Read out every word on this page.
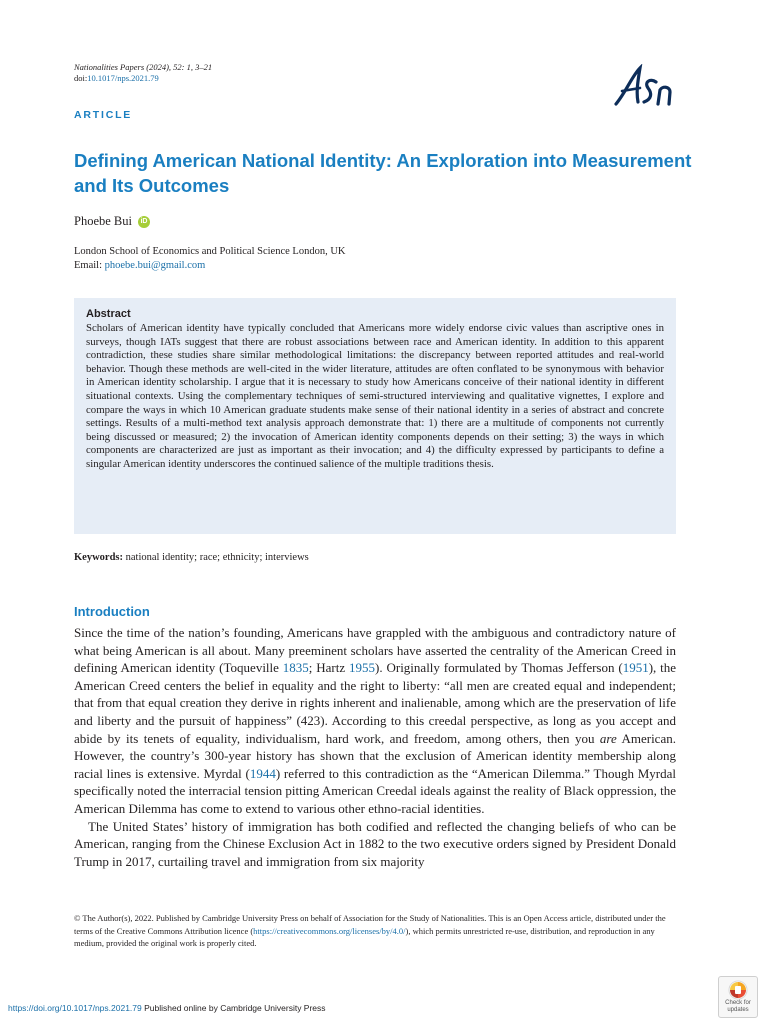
Nationalities Papers (2024), 52: 1, 3–21
doi:10.1017/nps.2021.79
ARTICLE
Defining American National Identity: An Exploration into Measurement and Its Outcomes
Phoebe Bui	iD
London School of Economics and Political Science London, UK
Email: phoebe.bui@gmail.com
Abstract
Scholars of American identity have typically concluded that Americans more widely endorse civic values than ascriptive ones in surveys, though IATs suggest that there are robust associations between race and American identity. In addition to this apparent contradiction, these studies share similar methodological limitations: the discrepancy between reported attitudes and real-world behavior. Though these methods are well-cited in the wider literature, attitudes are often conflated to be synonymous with behavior in American identity scholarship. I argue that it is necessary to study how Americans conceive of their national identity in different situational contexts. Using the complementary techniques of semi-structured interviewing and qualitative vignettes, I explore and compare the ways in which 10 American graduate students make sense of their national identity in a series of abstract and concrete settings. Results of a multi-method text analysis approach demonstrate that: 1) there are a multitude of components not currently being discussed or measured; 2) the invocation of American identity components depends on their setting; 3) the ways in which components are characterized are just as important as their invocation; and 4) the difficulty expressed by participants to define a singular American identity underscores the continued salience of the multiple traditions thesis.
Keywords: national identity; race; ethnicity; interviews
Introduction

Since the time of the nation’s founding, Americans have grappled with the ambiguous and contradictory nature of what being American is all about. Many preeminent scholars have asserted the centrality of the American Creed in defining American identity (Toqueville 1835; Hartz 1955). Originally formulated by Thomas Jefferson (1951), the American Creed centers the belief in equality and the right to liberty: “all men are created equal and independent; that from that equal creation they derive in rights inherent and inalienable, among which are the preservation of life and liberty and the pursuit of happiness” (423). According to this creedal perspective, as long as you accept and abide by its tenets of equality, individualism, hard work, and freedom, among others, then you are American. However, the country’s 300-year history has shown that the exclusion of American identity membership along racial lines is extensive. Myrdal (1944) referred to this contradiction as the “American Dilemma.” Though Myrdal specifically noted the interracial tension pitting American Creedal ideals against the reality of Black oppression, the American Dilemma has come to extend to various other ethno-racial identities.

The United States’ history of immigration has both codified and reflected the changing beliefs of who can be American, ranging from the Chinese Exclusion Act in 1882 to the two executive orders signed by President Donald Trump in 2017, curtailing travel and immigration from six majority

© The Author(s), 2022. Published by Cambridge University Press on behalf of Association for the Study of Nationalities. This is an Open Access article, distributed under the terms of the Creative Commons Attribution licence (https://creativecommons.org/licenses/by/4.0/), which permits unrestricted re-use, distribution, and reproduction in any medium, provided the original work is properly cited.
https://doi.org/10.1017/nps.2021.79 Published online by Cambridge University Press	Check for updates
